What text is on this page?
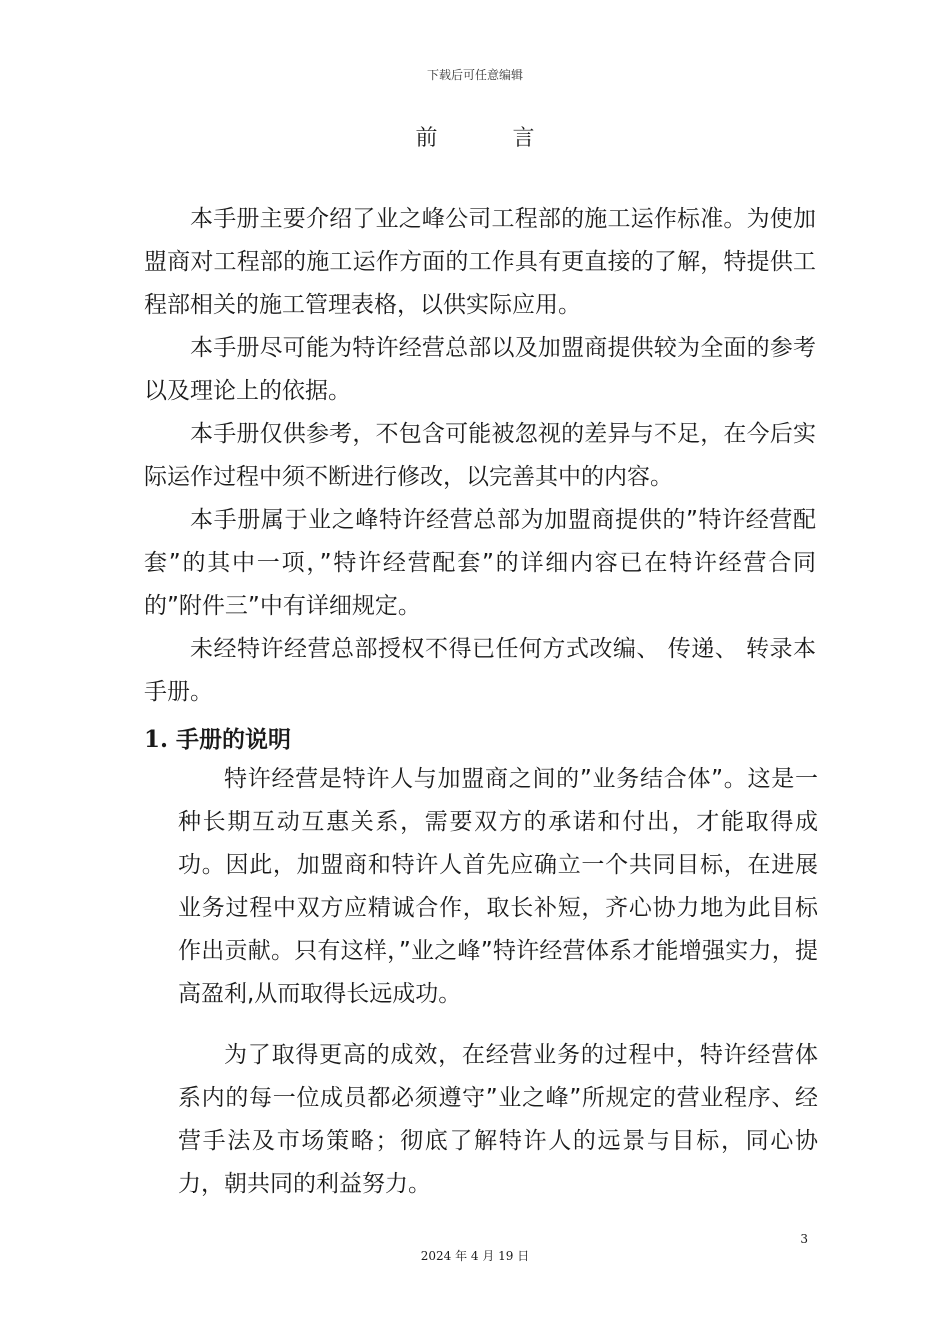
下载后可任意编辑
前 言

本手册主要介绍了业之峰公司工程部的施工运作标准。为使加盟商对工程部的施工运作方面的工作具有更直接的了解，特提供工程部相关的施工管理表格，以供实际应用。

本手册尽可能为特许经营总部以及加盟商提供较为全面的参考以及理论上的依据。

本手册仅供参考，不包含可能被忽视的差异与不足，在今后实际运作过程中须不断进行修改，以完善其中的内容。

本手册属于业之峰特许经营总部为加盟商提供的”特许经营配套”的其中一项，”特许经营配套”的详细内容已在特许经营合同的”附件三”中有详细规定。

未经特许经营总部授权不得已任何方式改编、 传递、 转录本手册。

1. 手册的说明

特许经营是特许人与加盟商之间的”业务结合体”。这是一种长期互动互惠关系，需要双方的承诺和付出，才能取得成功。因此，加盟商和特许人首先应确立一个共同目标，在进展业务过程中双方应精诚合作，取长补短，齐心协力地为此目标作出贡献。只有这样，”业之峰”特许经营体系才能增强实力，提高盈利,从而取得长远成功。

为了取得更高的成效，在经营业务的过程中，特许经营体系内的每一位成员都必须遵守”业之峰”所规定的营业程序、经营手法及市场策略；彻底了解特许人的远景与目标，同心协力，朝共同的利益努力。

3
2024 年 4 月 19 日
